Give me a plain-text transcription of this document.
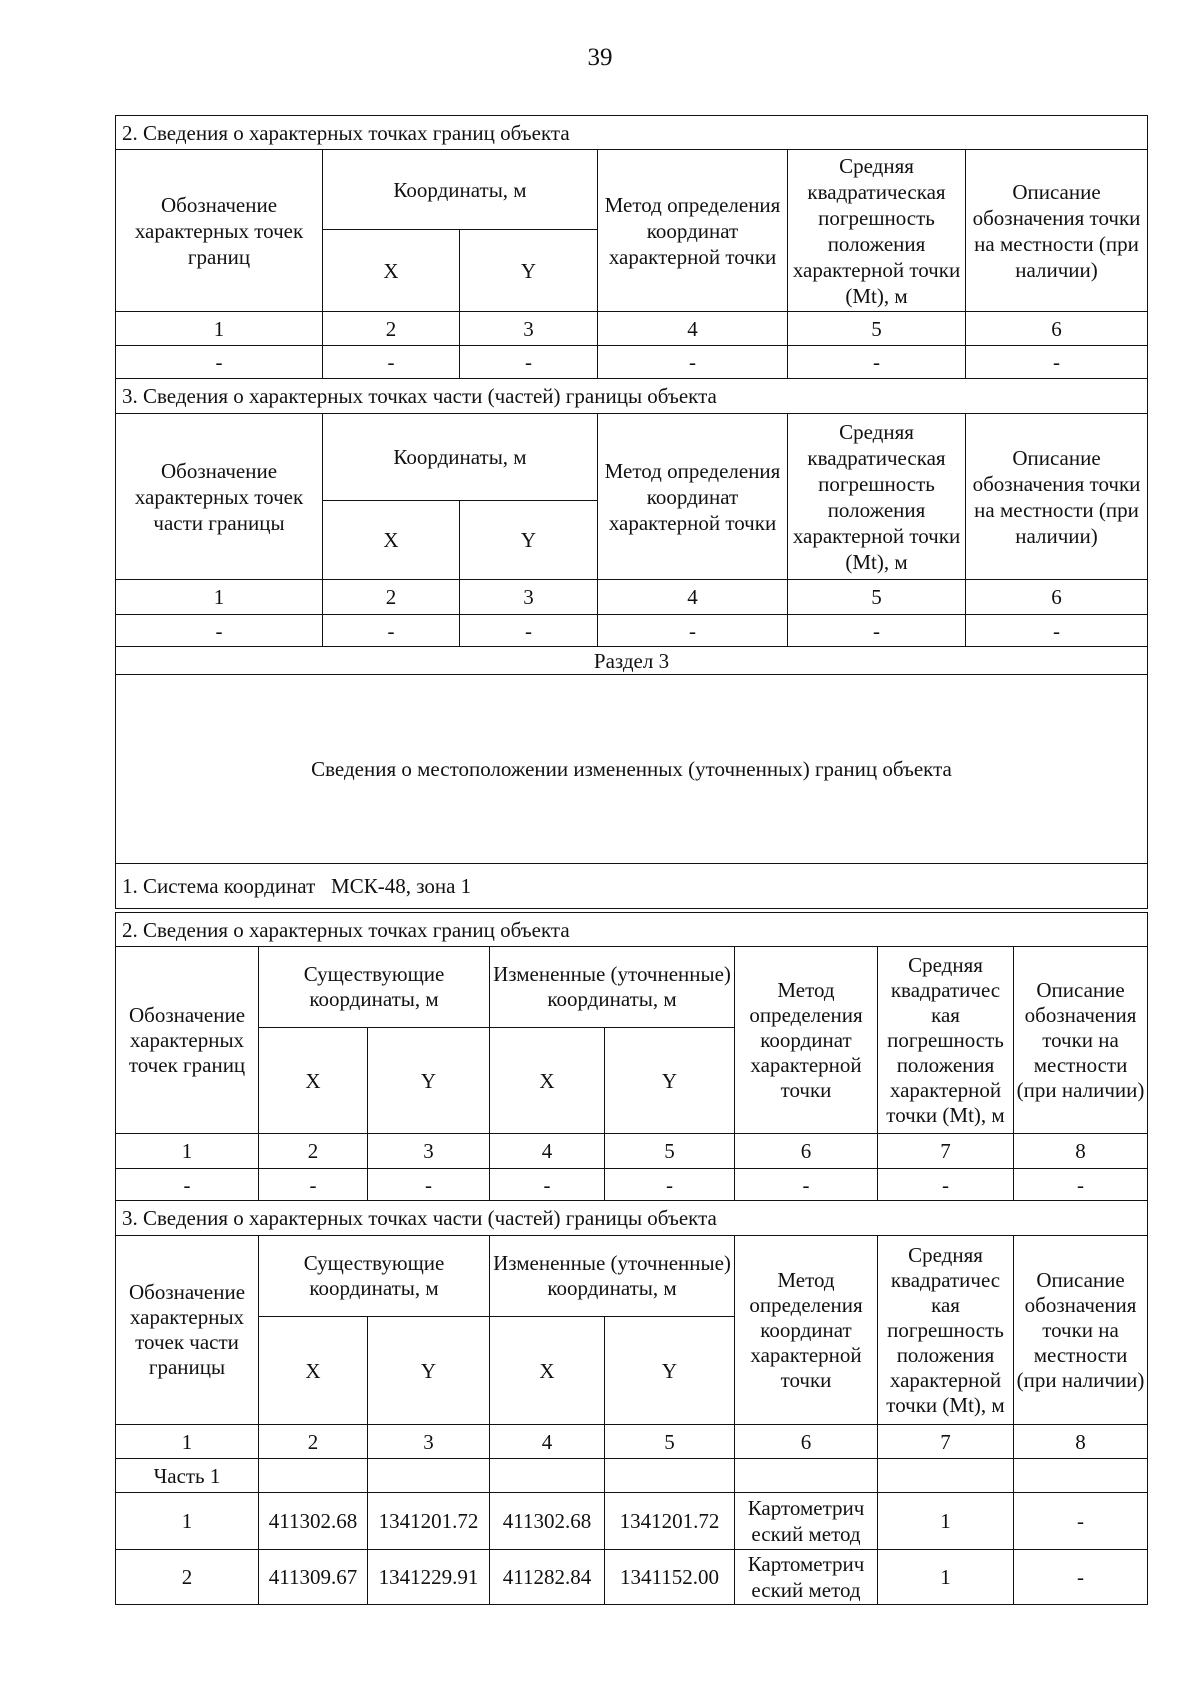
39
2. Сведения о характерных точках границ объекта					
Обозначение характерных точек границ	Координаты, м		Метод определения координат характерной точки	Средняя квадратическая погрешность положения характерной точки (Mt), м	Описание обозначения точки на местности (при наличии)
	X	Y			
1	2	3	4	5	6
-	-	-	-	-	-
3. Сведения о характерных точках части (частей) границы объекта					
Обозначение характерных точек части границы	Координаты, м		Метод определения координат характерной точки	Средняя квадратическая погрешность положения характерной точки (Mt), м	Описание обозначения точки на местности (при наличии)
	X	Y			
1	2	3	4	5	6
-	-	-	-	-	-
Раздел 3					
Сведения о местоположении измененных (уточненных) границ объекта					
1. Система координат МСК-48, зона 1					
2. Сведения о характерных точках границ объекта							
Обозначение характерных точек границ	Существующие координаты, м		Измененные (уточненные) координаты, м		Метод определения координат характерной точки	Средняя квадратичес кая погрешность положения характерной точки (Mt), м	Описание обозначения точки на местности (при наличии)
	X	Y	X	Y			
1	2	3	4	5	6	7	8
-	-	-	-	-	-	-	-
3. Сведения о характерных точках части (частей) границы объекта							
Обозначение характерных точек части границы	Существующие координаты, м		Измененные (уточненные) координаты, м		Метод определения координат характерной точки	Средняя квадратичес кая погрешность положения характерной точки (Mt), м	Описание обозначения точки на местности (при наличии)
	X	Y	X	Y			
1	2	3	4	5	6	7	8
Часть 1							
1	411302.68	1341201.72	411302.68	1341201.72	Картометрич еский метод	1	-
2	411309.67	1341229.91	411282.84	1341152.00	Картометрич еский метод	1	-
